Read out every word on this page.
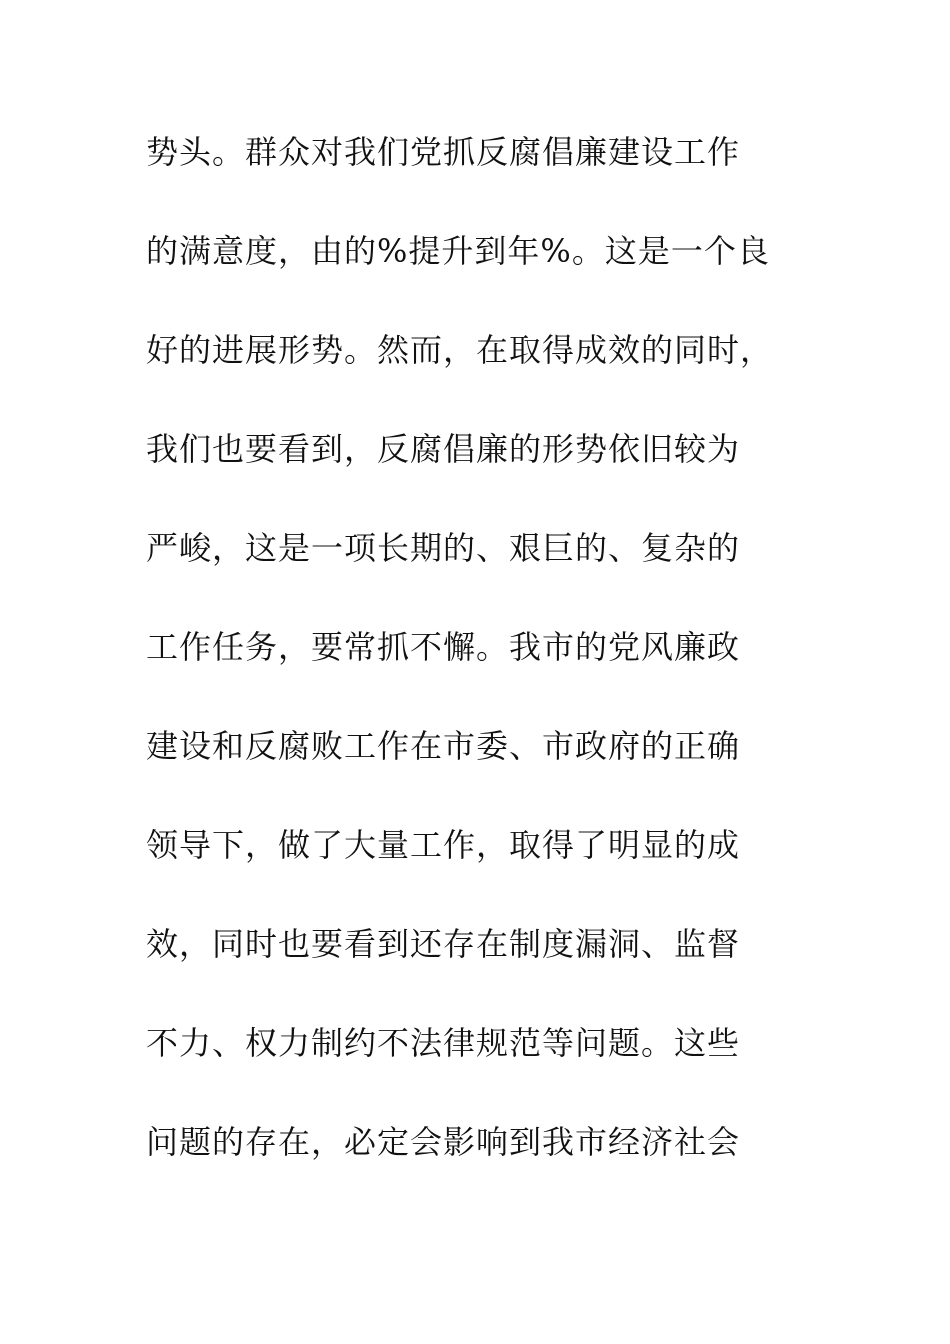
势头。群众对我们党抓反腐倡廉建设工作
的满意度，由的%提升到年%。这是一个良
好的进展形势。然而，在取得成效的同时，
我们也要看到，反腐倡廉的形势依旧较为
严峻，这是一项长期的、艰巨的、复杂的
工作任务，要常抓不懈。我市的党风廉政
建设和反腐败工作在市委、市政府的正确
领导下，做了大量工作，取得了明显的成
效，同时也要看到还存在制度漏洞、监督
不力、权力制约不法律规范等问题。这些
问题的存在，必定会影响到我市经济社会
